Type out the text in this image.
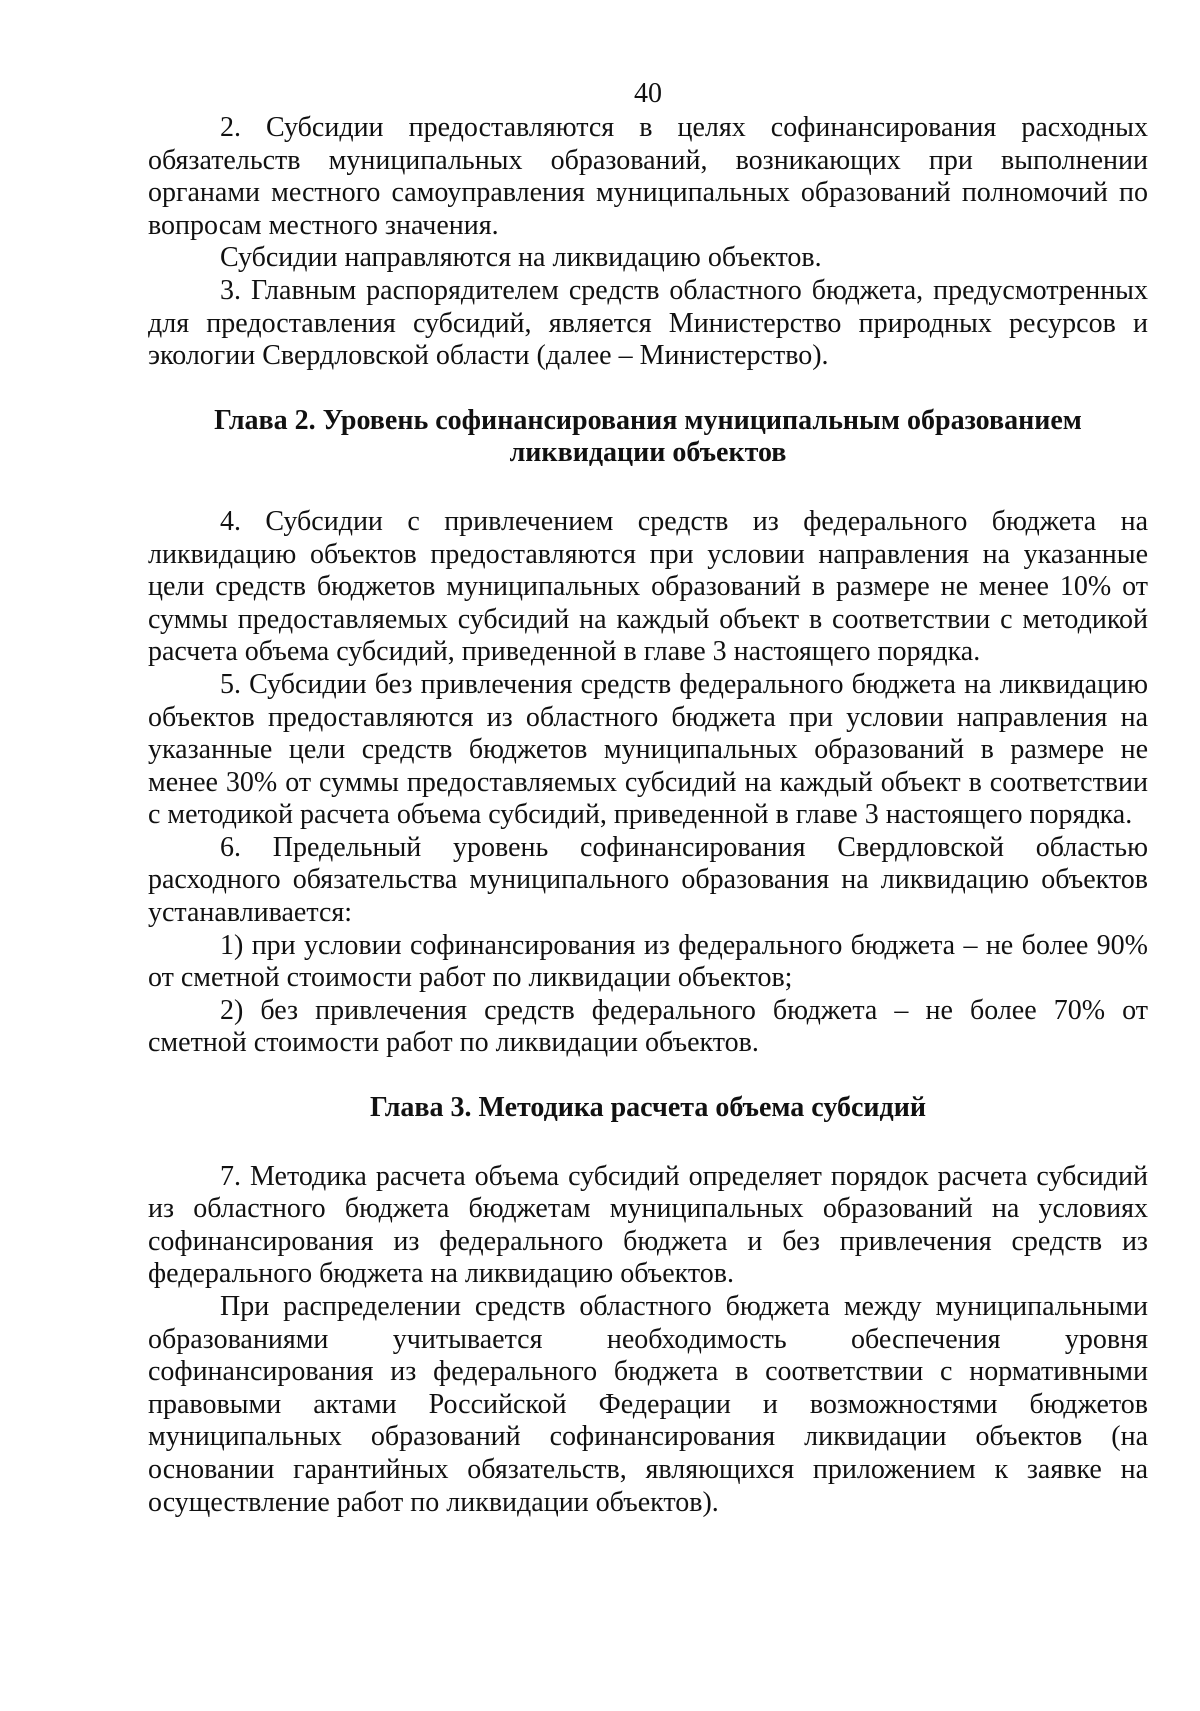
40

2. Субсидии предоставляются в целях софинансирования расходных обязательств муниципальных образований, возникающих при выполнении органами местного самоуправления муниципальных образований полномочий по вопросам местного значения.

Субсидии направляются на ликвидацию объектов.

3. Главным распорядителем средств областного бюджета, предусмотренных для предоставления субсидий, является Министерство природных ресурсов и экологии Свердловской области (далее – Министерство).

Глава 2. Уровень софинансирования муниципальным образованием
ликвидации объектов

4. Субсидии с привлечением средств из федерального бюджета на ликвидацию объектов предоставляются при условии направления на указанные цели средств бюджетов муниципальных образований в размере не менее 10% от суммы предоставляемых субсидий на каждый объект в соответствии с методикой расчета объема субсидий, приведенной в главе 3 настоящего порядка.

5. Субсидии без привлечения средств федерального бюджета на ликвидацию объектов предоставляются из областного бюджета при условии направления на указанные цели средств бюджетов муниципальных образований в размере не менее 30% от суммы предоставляемых субсидий на каждый объект в соответствии с методикой расчета объема субсидий, приведенной в главе 3 настоящего порядка.

6. Предельный уровень софинансирования Свердловской областью расходного обязательства муниципального образования на ликвидацию объектов устанавливается:

1) при условии софинансирования из федерального бюджета – не более 90% от сметной стоимости работ по ликвидации объектов;

2) без привлечения средств федерального бюджета – не более 70% от сметной стоимости работ по ликвидации объектов.

Глава 3. Методика расчета объема субсидий

7. Методика расчета объема субсидий определяет порядок расчета субсидий из областного бюджета бюджетам муниципальных образований на условиях софинансирования из федерального бюджета и без привлечения средств из федерального бюджета на ликвидацию объектов.

При распределении средств областного бюджета между муниципальными образованиями учитывается необходимость обеспечения уровня софинансирования из федерального бюджета в соответствии с нормативными правовыми актами Российской Федерации и возможностями бюджетов муниципальных образований софинансирования ликвидации объектов (на основании гарантийных обязательств, являющихся приложением к заявке на осуществление работ по ликвидации объектов).
